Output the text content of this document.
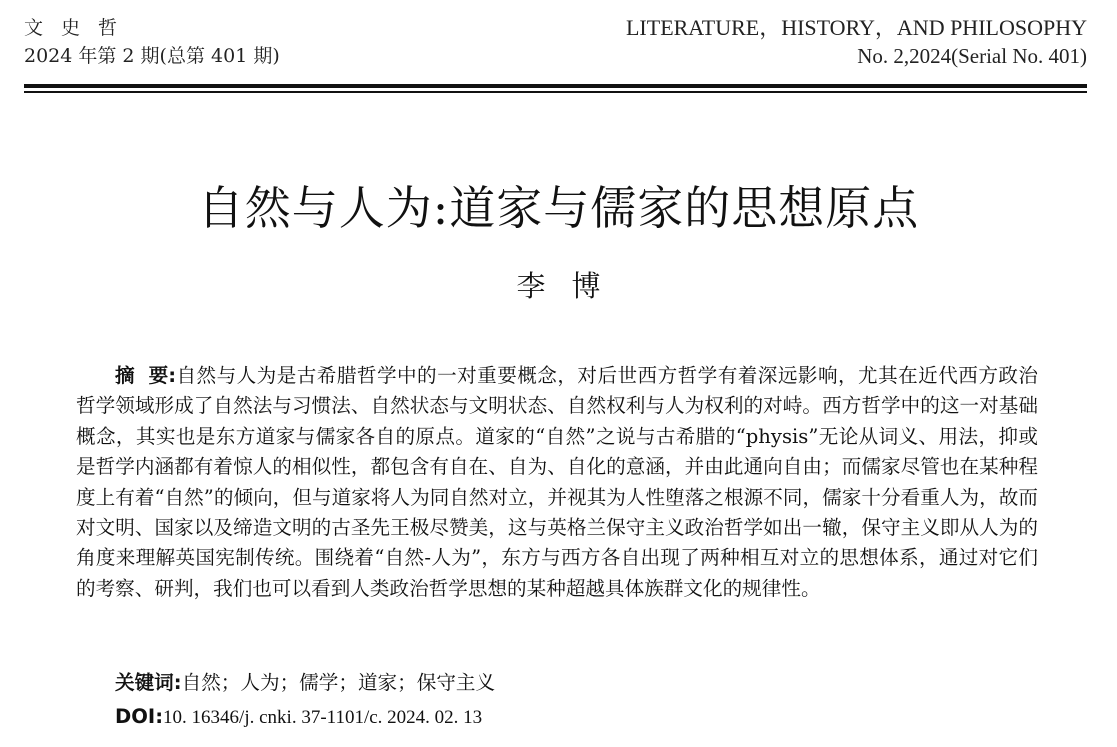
文史哲
2024 年第 2 期(总第 401 期)
LITERATURE，HISTORY，AND PHILOSOPHY
No. 2,2024(Serial No. 401)
自然与人为:道家与儒家的思想原点
李博
摘 要:自然与人为是古希腊哲学中的一对重要概念，对后世西方哲学有着深远影响，尤其在近代西方政治哲学领域形成了自然法与习惯法、自然状态与文明状态、自然权利与人为权利的对峙。西方哲学中的这一对基础概念，其实也是东方道家与儒家各自的原点。道家的“自然”之说与古希腊的“physis”无论从词义、用法，抑或是哲学内涵都有着惊人的相似性，都包含有自在、自为、自化的意涵，并由此通向自由；而儒家尽管也在某种程度上有着“自然”的倾向，但与道家将人为同自然对立，并视其为人性堕落之根源不同，儒家十分看重人为，故而对文明、国家以及缔造文明的古圣先王极尽赞美，这与英格兰保守主义政治哲学如出一辙，保守主义即从人为的角度来理解英国宪制传统。围绕着“自然-人为”，东方与西方各自出现了两种相互对立的思想体系，通过对它们的考察、研判，我们也可以看到人类政治哲学思想的某种超越具体族群文化的规律性。
关键词:自然；人为；儒学；道家；保守主义
DOI:10. 16346/j. cnki. 37-1101/c. 2024. 02. 13
